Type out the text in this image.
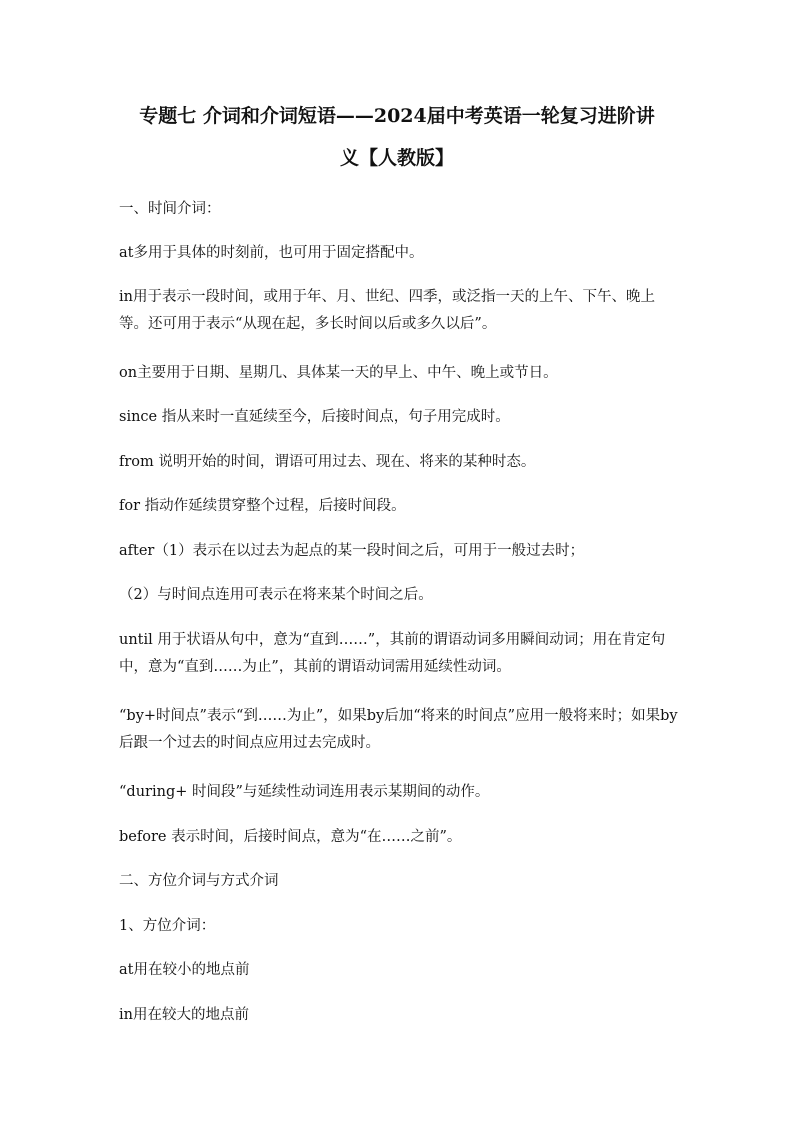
专题七 介词和介词短语——2024届中考英语一轮复习进阶讲
义【人教版】
一、时间介词：
at多用于具体的时刻前，也可用于固定搭配中。
in用于表示一段时间，或用于年、月、世纪、四季，或泛指一天的上午、下午、晚上等。还可用于表示“从现在起，多长时间以后或多久以后”。
on主要用于日期、星期几、具体某一天的早上、中午、晚上或节日。
since 指从来时一直延续至今，后接时间点，句子用完成时。
from 说明开始的时间，谓语可用过去、现在、将来的某种时态。
for 指动作延续贯穿整个过程，后接时间段。
after（1）表示在以过去为起点的某一段时间之后，可用于一般过去时；
（2）与时间点连用可表示在将来某个时间之后。
until 用于状语从句中，意为“直到……”，其前的谓语动词多用瞬间动词；用在肯定句中，意为“直到……为止”，其前的谓语动词需用延续性动词。
“by+时间点”表示“到……为止”，如果by后加“将来的时间点”应用一般将来时；如果by后跟一个过去的时间点应用过去完成时。
“during+ 时间段”与延续性动词连用表示某期间的动作。
before 表示时间，后接时间点，意为“在……之前”。
二、方位介词与方式介词
1、方位介词：
at用在较小的地点前
in用在较大的地点前
